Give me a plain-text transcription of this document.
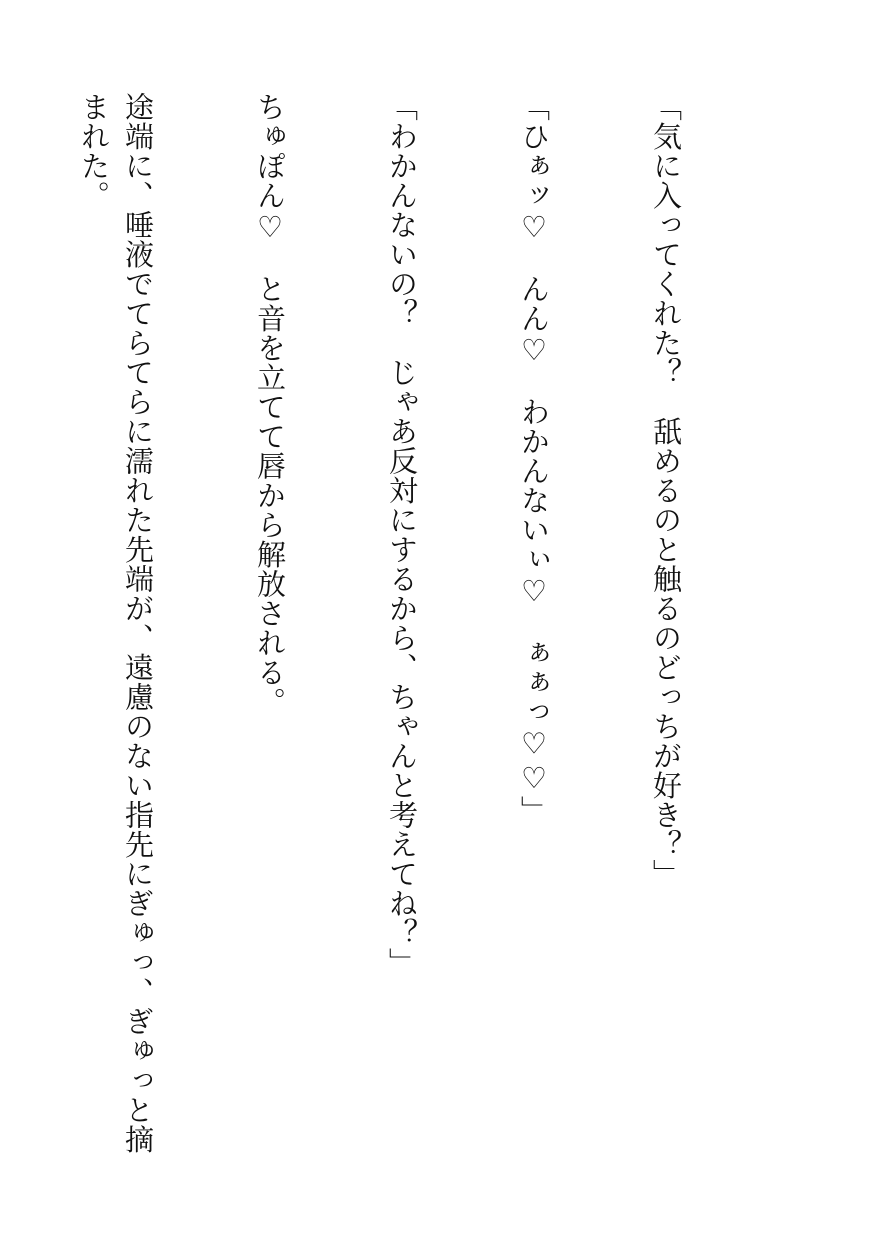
「気に入ってくれた？　舐めるのと触るのどっちが好き？」

「ひぁッ♡　んん♡　わかんないぃ♡　ぁぁっ♡♡」

「わかんないの？　じゃあ反対にするから、ちゃんと考えてね？」

ちゅぽん♡　と音を立てて唇から解放される。

途端に、唾液でてらてらに濡れた先端が、遠慮のない指先にぎゅっ、ぎゅっと摘まれた。
